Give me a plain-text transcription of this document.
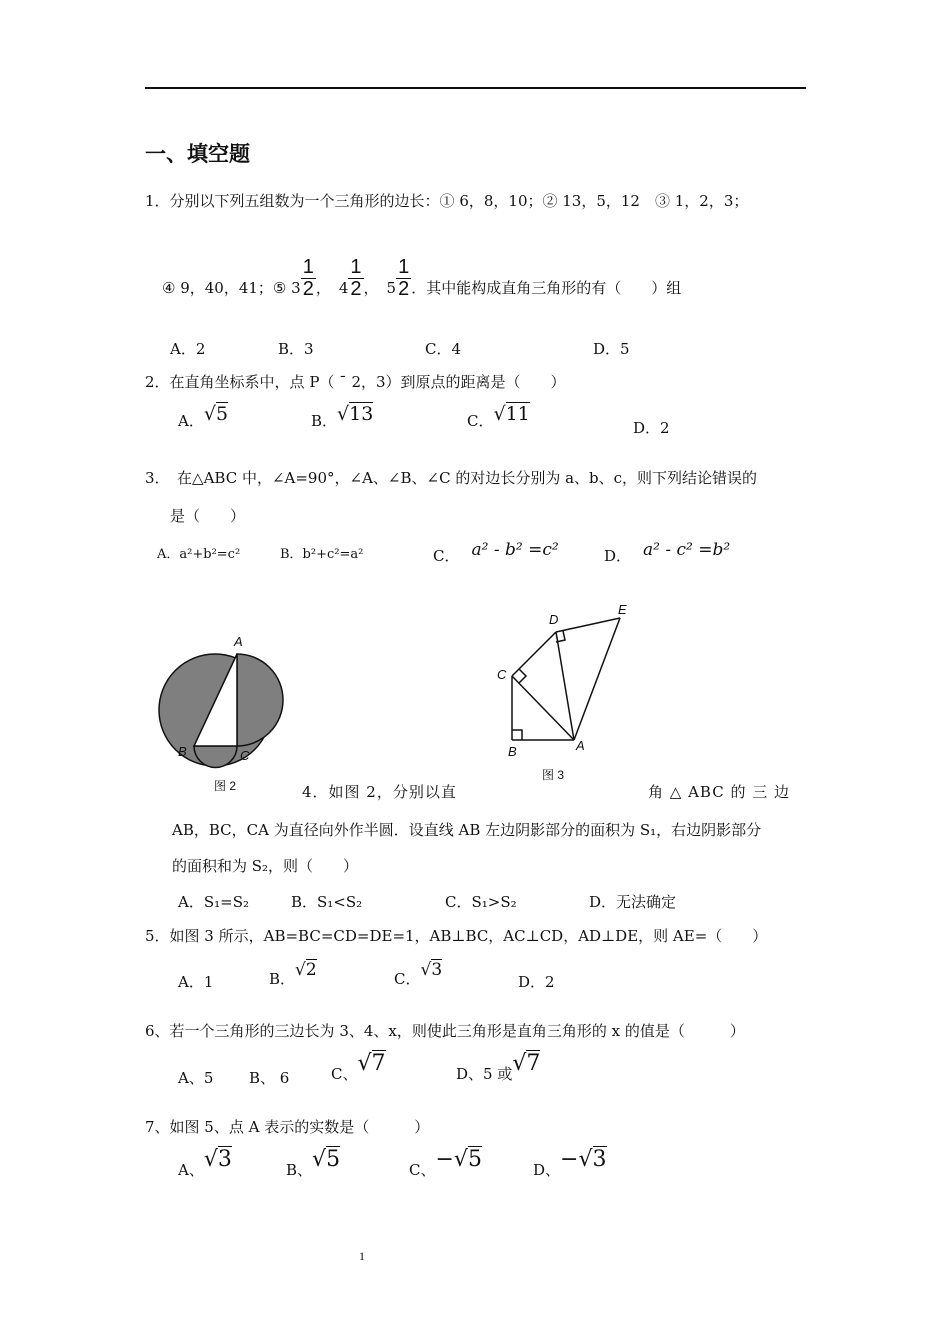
一、填空题
1．分别以下列五组数为一个三角形的边长：① 6，8，10；② 13，5，12　③ 1，2，3；
④ 9，40，41；⑤ $3 \frac{1}{2}$ ， $4 \frac{1}{2}$ ， $5 \frac{1}{2}$ ．其中能构成直角三角形的有（　　）组
A．2	B．3	C．4	D．5
2．在直角坐标系中，点 P（ ˉ 2，3）到原点的距离是（　　）
A．√5	B．√13	C．√11
D．2
3．　在△ABC 中，∠A=90°，∠A、∠B、∠C 的对边长分别为 a、b、c，则下列结论错误的
是（　　）
A．a²+b²=c²	B．b²+c²=a²	C． a² - b² =c²	D． a² - c² =b²
A
B	C
图 2
D
E
C
B	A
图 3
4．如图 2，分别以直	角 △ ABC 的 三 边
AB，BC，CA 为直径向外作半圆．设直线 AB 左边阴影部分的面积为 S₁，右边阴影部分
的面积和为 S₂，则（　　）
A．S₁=S₂	B．S₁<S₂	C．S₁>S₂	D．无法确定
5．如图 3 所示，AB=BC=CD=DE=1，AB⊥BC，AC⊥CD，AD⊥DE，则 AE=（　　）
A．1	B．√2	C．√3
D．2
6、若一个三角形的三边长为 3、4、x，则使此三角形是直角三角形的 x 的值是（　　　）
A、5 B、 6	C、√7	D、5 或√7
7、如图 5、点 A 表示的实数是（　　　）
A、√3	B、√5	C、−√5	D、−√3
1
